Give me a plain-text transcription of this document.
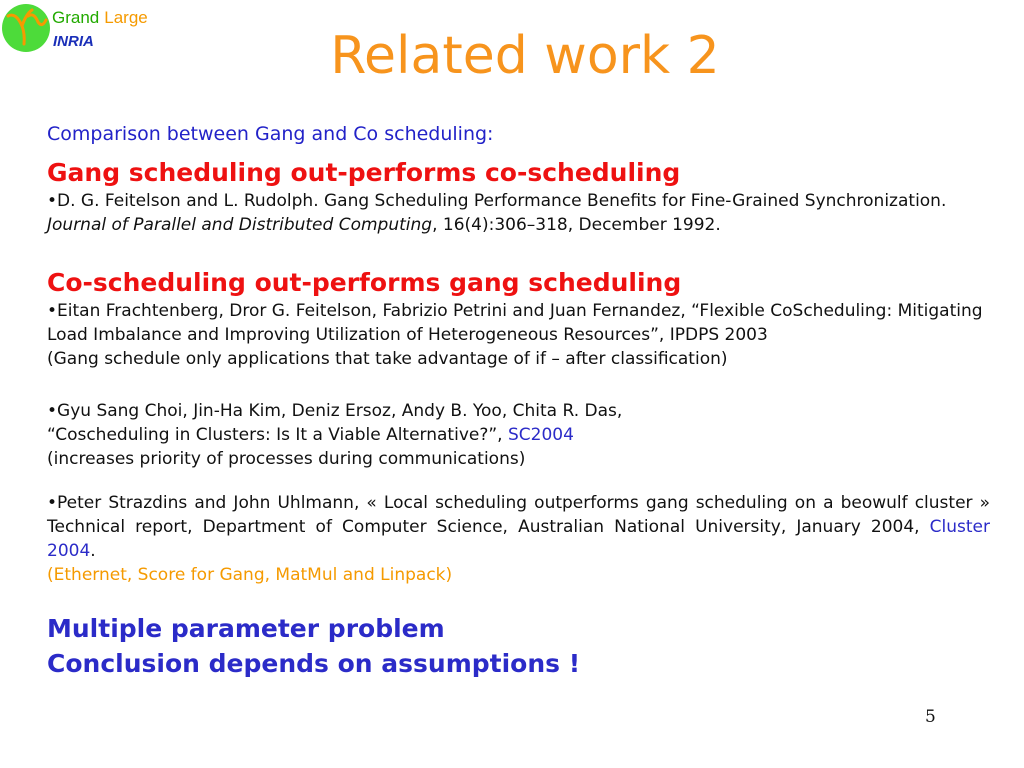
Grand Large
INRIA	Related work 2
Comparison between Gang and Co scheduling:
Gang scheduling out-performs co-scheduling
•D. G. Feitelson and L. Rudolph. Gang Scheduling Performance Benefits for Fine-Grained Synchronization. Journal of Parallel and Distributed Computing, 16(4):306–318, December 1992.
Co-scheduling out-performs gang scheduling
•Eitan Frachtenberg, Dror G. Feitelson, Fabrizio Petrini and Juan Fernandez, “Flexible CoScheduling: Mitigating Load Imbalance and Improving Utilization of Heterogeneous Resources”, IPDPS 2003
(Gang schedule only applications that take advantage of if – after classification)
•Gyu Sang Choi, Jin-Ha Kim, Deniz Ersoz, Andy B. Yoo, Chita R. Das,
“Coscheduling in Clusters: Is It a Viable Alternative?”, SC2004
(increases priority of processes during communications)
•Peter Strazdins and John Uhlmann, « Local scheduling outperforms gang scheduling on a beowulf cluster » Technical report, Department of Computer Science, Australian National University, January 2004, Cluster 2004.
(Ethernet, Score for Gang, MatMul and Linpack)
Multiple parameter problem
Conclusion depends on assumptions !
5
